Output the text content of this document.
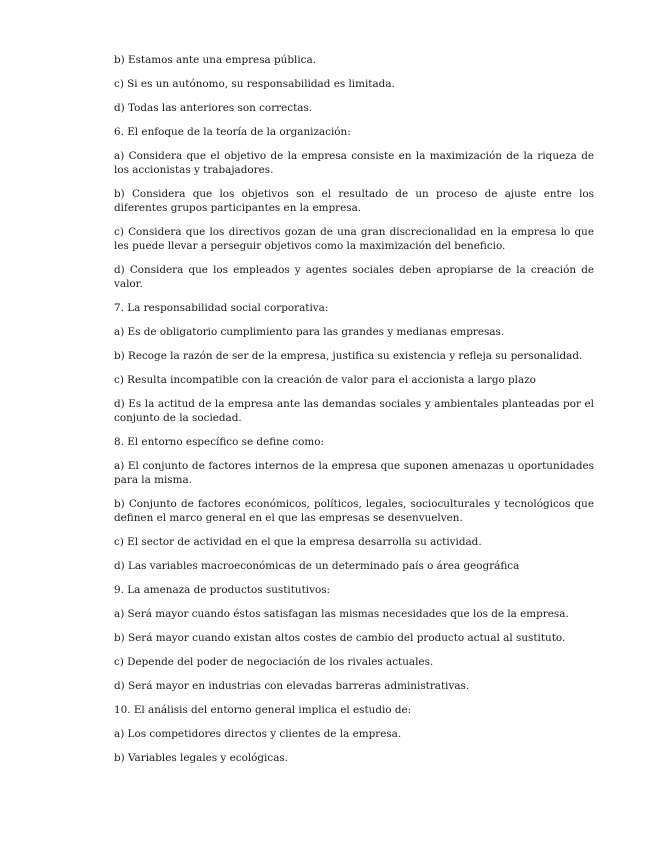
b) Estamos ante una empresa pública.

c) Si es un autónomo, su responsabilidad es limitada.

d) Todas las anteriores son correctas.

6. El enfoque de la teoría de la organización:

a) Considera que el objetivo de la empresa consiste en la maximización de la riqueza de los accionistas y trabajadores.

b) Considera que los objetivos son el resultado de un proceso de ajuste entre los diferentes grupos participantes en la empresa.

c) Considera que los directivos gozan de una gran discrecionalidad en la empresa lo que les puede llevar a perseguir objetivos como la maximización del beneficio.

d) Considera que los empleados y agentes sociales deben apropiarse de la creación de valor.

7. La responsabilidad social corporativa:

a) Es de obligatorio cumplimiento para las grandes y medianas empresas.

b) Recoge la razón de ser de la empresa, justifica su existencia y refleja su personalidad.

c) Resulta incompatible con la creación de valor para el accionista a largo plazo

d) Es la actitud de la empresa ante las demandas sociales y ambientales planteadas por el conjunto de la sociedad.

8. El entorno específico se define como:

a) El conjunto de factores internos de la empresa que suponen amenazas u oportunidades para la misma.

b) Conjunto de factores económicos, políticos, legales, socioculturales y tecnológicos que definen el marco general en el que las empresas se desenvuelven.

c) El sector de actividad en el que la empresa desarrolla su actividad.

d) Las variables macroeconómicas de un determinado país o área geográfica

9. La amenaza de productos sustitutivos:

a) Será mayor cuando éstos satisfagan las mismas necesidades que los de la empresa.

b) Será mayor cuando existan altos costes de cambio del producto actual al sustituto.

c) Depende del poder de negociación de los rivales actuales.

d) Será mayor en industrias con elevadas barreras administrativas.

10. El análisis del entorno general implica el estudio de:

a) Los competidores directos y clientes de la empresa.

b) Variables legales y ecológicas.
